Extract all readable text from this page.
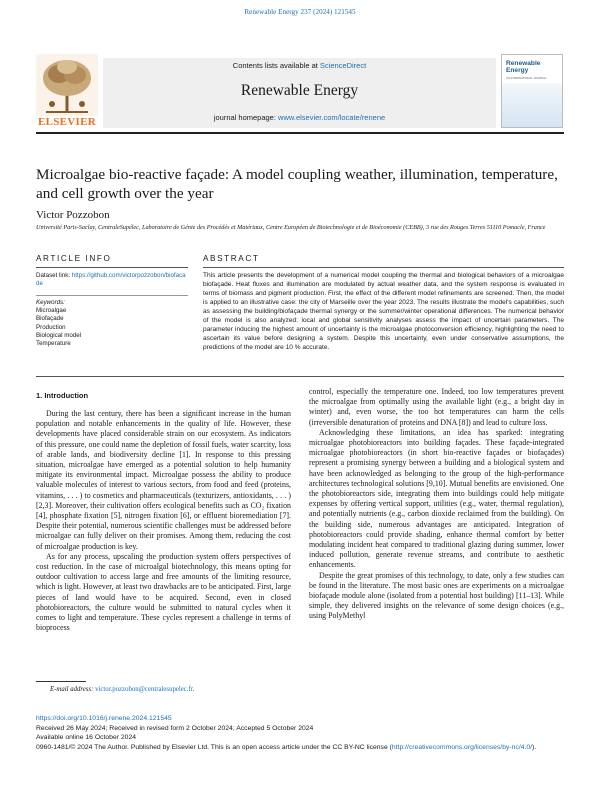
Renewable Energy 237 (2024) 121545
ELSEVIER
Contents lists available at ScienceDirect
Renewable Energy
journal homepage: www.elsevier.com/locate/renene
Renewable Energy
AN INTERNATIONAL JOURNAL
Microalgae bio-reactive façade: A model coupling weather, illumination, temperature, and cell growth over the year
Victor Pozzobon
Université Paris-Saclay, CentraleSupélec, Laboratoire de Génie des Procédés et Matériaux, Centre Européen de Biotechnologie et de Bioéconomie (CEBB), 3 rue des Rouges Terres 51110 Pomacle, France
ARTICLE INFO
Dataset link: https://github.com/victorpozzobon/biofacade
Keywords:
Microalgae
Biofaçade
Production
Biological model
Temperature
ABSTRACT
This article presents the development of a numerical model coupling the thermal and biological behaviors of a microalgae biofaçade. Heat fluxes and illumination are modulated by actual weather data, and the system response is evaluated in terms of biomass and pigment production. First, the effect of the different model refinements are screened. Then, the model is applied to an illustrative case: the city of Marseille over the year 2023. The results illustrate the model's capabilities, such as assessing the building/biofaçade thermal synergy or the summer/winter operational differences. The numerical behavior of the model is also analyzed: local and global sensitivity analyses assess the impact of uncertain parameters. The parameter inducing the highest amount of uncertainty is the microalgae photoconversion efficiency, highlighting the need to ascertain its value before designing a system. Despite this uncertainty, even under conservative assumptions, the predictions of the model are 10 % accurate.
1. Introduction

During the last century, there has been a significant increase in the human population and notable enhancements in the quality of life. However, these developments have placed considerable strain on our ecosystem. As indicators of this pressure, one could name the depletion of fossil fuels, water scarcity, loss of arable lands, and biodiversity decline [1]. In response to this pressing situation, microalgae have emerged as a potential solution to help humanity mitigate its environmental impact. Microalgae possess the ability to produce valuable molecules of interest to various sectors, from food and feed (proteins, vitamins, . . . ) to cosmetics and pharmaceuticals (texturizers, antioxidants, . . . ) [2,3]. Moreover, their cultivation offers ecological benefits such as CO₂ fixation [4], phosphate fixation [5], nitrogen fixation [6], or effluent bioremediation [7]. Despite their potential, numerous scientific challenges must be addressed before microalgae can fully deliver on their promises. Among them, reducing the cost of microalgae production is key.

As for any process, upscaling the production system offers perspectives of cost reduction. In the case of microalgal biotechnology, this means opting for outdoor cultivation to access large and free amounts of the limiting resource, which is light. However, at least two drawbacks are to be anticipated. First, large pieces of land would have to be acquired. Second, even in closed photobioreactors, the culture would be submitted to natural cycles when it comes to light and temperature. These cycles represent a challenge in terms of bioprocess

control, especially the temperature one. Indeed, too low temperatures prevent the microalgae from optimally using the available light (e.g., a bright day in winter) and, even worse, the too hot temperatures can harm the cells (irreversible denaturation of proteins and DNA [8]) and lead to culture loss.

Acknowledging these limitations, an idea has sparked: integrating microalgae photobioreactors into building façades. These façade-integrated microalgae photobioreactors (in short bio-reactive façades or biofaçades) represent a promising synergy between a building and a biological system and have been acknowledged as belonging to the group of the high-performance architectures technological solutions [9,10]. Mutual benefits are envisioned. One the photobioreactors side, integrating them into buildings could help mitigate expenses by offering vertical support, utilities (e.g., water, thermal regulation), and potentially nutrients (e.g., carbon dioxide reclaimed from the building). On the building side, numerous advantages are anticipated. Integration of photobioreactors could provide shading, enhance thermal comfort by better modulating incident heat compared to traditional glazing during summer, lower induced pollution, generate revenue streams, and contribute to aesthetic enhancements.

Despite the great promises of this technology, to date, only a few studies can be found in the literature. The most basic ones are experiments on a microalgae biofaçade module alone (isolated from a potential host building) [11–13]. While simple, they delivered insights on the relevance of some design choices (e.g., using PolyMethyl

E-mail address: victor.pozzobon@centralesupelec.fr.
https://doi.org/10.1016/j.renene.2024.121545
Received 26 May 2024; Received in revised form 2 October 2024; Accepted 5 October 2024
Available online 16 October 2024
0960-1481/© 2024 The Author. Published by Elsevier Ltd. This is an open access article under the CC BY-NC license (http://creativecommons.org/licenses/by-nc/4.0/).
